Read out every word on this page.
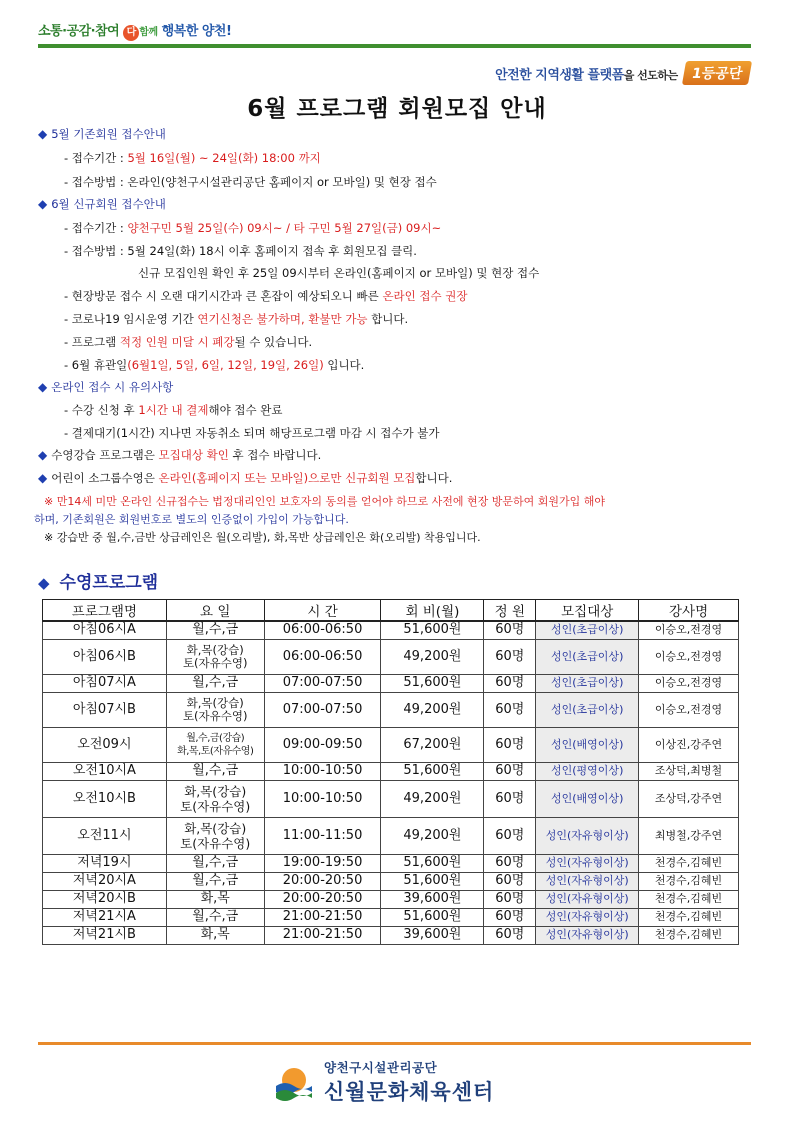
소통·공감·참여 다 함께 행복한 양천!
안전한 지역생활 플랫폼을 선도하는 1등공단
6월 프로그램 회원모집 안내
◆ 5월 기존회원 접수안내
- 접수기간 : 5월 16일(월) ~ 24일(화) 18:00 까지
- 접수방법 : 온라인(양천구시설관리공단 홈페이지 or 모바일) 및 현장 접수
◆ 6월 신규회원 접수안내
- 접수기간 : 양천구민 5월 25일(수) 09시~ / 타 구민 5월 27일(금) 09시~
- 접수방법 : 5월 24일(화) 18시 이후 홈페이지 접속 후 회원모집 클릭.
신규 모집인원 확인 후 25일 09시부터 온라인(홈페이지 or 모바일) 및 현장 접수
- 현장방문 접수 시 오랜 대기시간과 큰 혼잡이 예상되오니 빠른 온라인 접수 권장
- 코로나19 임시운영 기간 연기신청은 불가하며, 환불만 가능 합니다.
- 프로그램 적정 인원 미달 시 폐강될 수 있습니다.
- 6월 휴관일(6월1일, 5일, 6일, 12일, 19일, 26일) 입니다.
◆ 온라인 접수 시 유의사항
- 수강 신청 후 1시간 내 결제해야 접수 완료
- 결제대기(1시간) 지나면 자동취소 되며 해당프로그램 마감 시 접수가 불가
◆ 수영강습 프로그램은 모집대상 확인 후 접수 바랍니다.
◆ 어린이 소그룹수영은 온라인(홈페이지 또는 모바일)으로만 신규회원 모집합니다.
※ 만14세 미만 온라인 신규접수는 법정대리인인 보호자의 동의를 얻어야 하므로 사전에 현장 방문하여 회원가입 해야
하며, 기존회원은 회원번호로 별도의 인증없이 가입이 가능합니다.
※ 강습반 중 월,수,금반 상급레인은 월(오리발), 화,목반 상급레인은 화(오리발) 착용입니다.
◆ 수영프로그램
프로그램명	요 일	시 간	회 비(월)	정 원	모집대상	강사명
아침06시A	월,수,금	06:00-06:50	51,600원	60명	성인(초급이상)	이승오,전경영
아침06시B	화,목(강습)
토(자유수영)	06:00-06:50	49,200원	60명	성인(초급이상)	이승오,전경영
아침07시A	월,수,금	07:00-07:50	51,600원	60명	성인(초급이상)	이승오,전경영
아침07시B	화,목(강습)
토(자유수영)	07:00-07:50	49,200원	60명	성인(초급이상)	이승오,전경영
오전09시	월,수,금(강습)
화,목,토(자유수영)	09:00-09:50	67,200원	60명	성인(배영이상)	이상진,강주연
오전10시A	월,수,금	10:00-10:50	51,600원	60명	성인(평영이상)	조상덕,최병철
오전10시B	화,목(강습)
토(자유수영)	10:00-10:50	49,200원	60명	성인(배영이상)	조상덕,강주연
오전11시	화,목(강습)
토(자유수영)	11:00-11:50	49,200원	60명	성인(자유형이상)	최병철,강주연
저녁19시	월,수,금	19:00-19:50	51,600원	60명	성인(자유형이상)	천경수,김혜빈
저녁20시A	월,수,금	20:00-20:50	51,600원	60명	성인(자유형이상)	천경수,김혜빈
저녁20시B	화,목	20:00-20:50	39,600원	60명	성인(자유형이상)	천경수,김혜빈
저녁21시A	월,수,금	21:00-21:50	51,600원	60명	성인(자유형이상)	천경수,김혜빈
저녁21시B	화,목	21:00-21:50	39,600원	60명	성인(자유형이상)	천경수,김혜빈
양천구시설관리공단
신월문화체육센터
